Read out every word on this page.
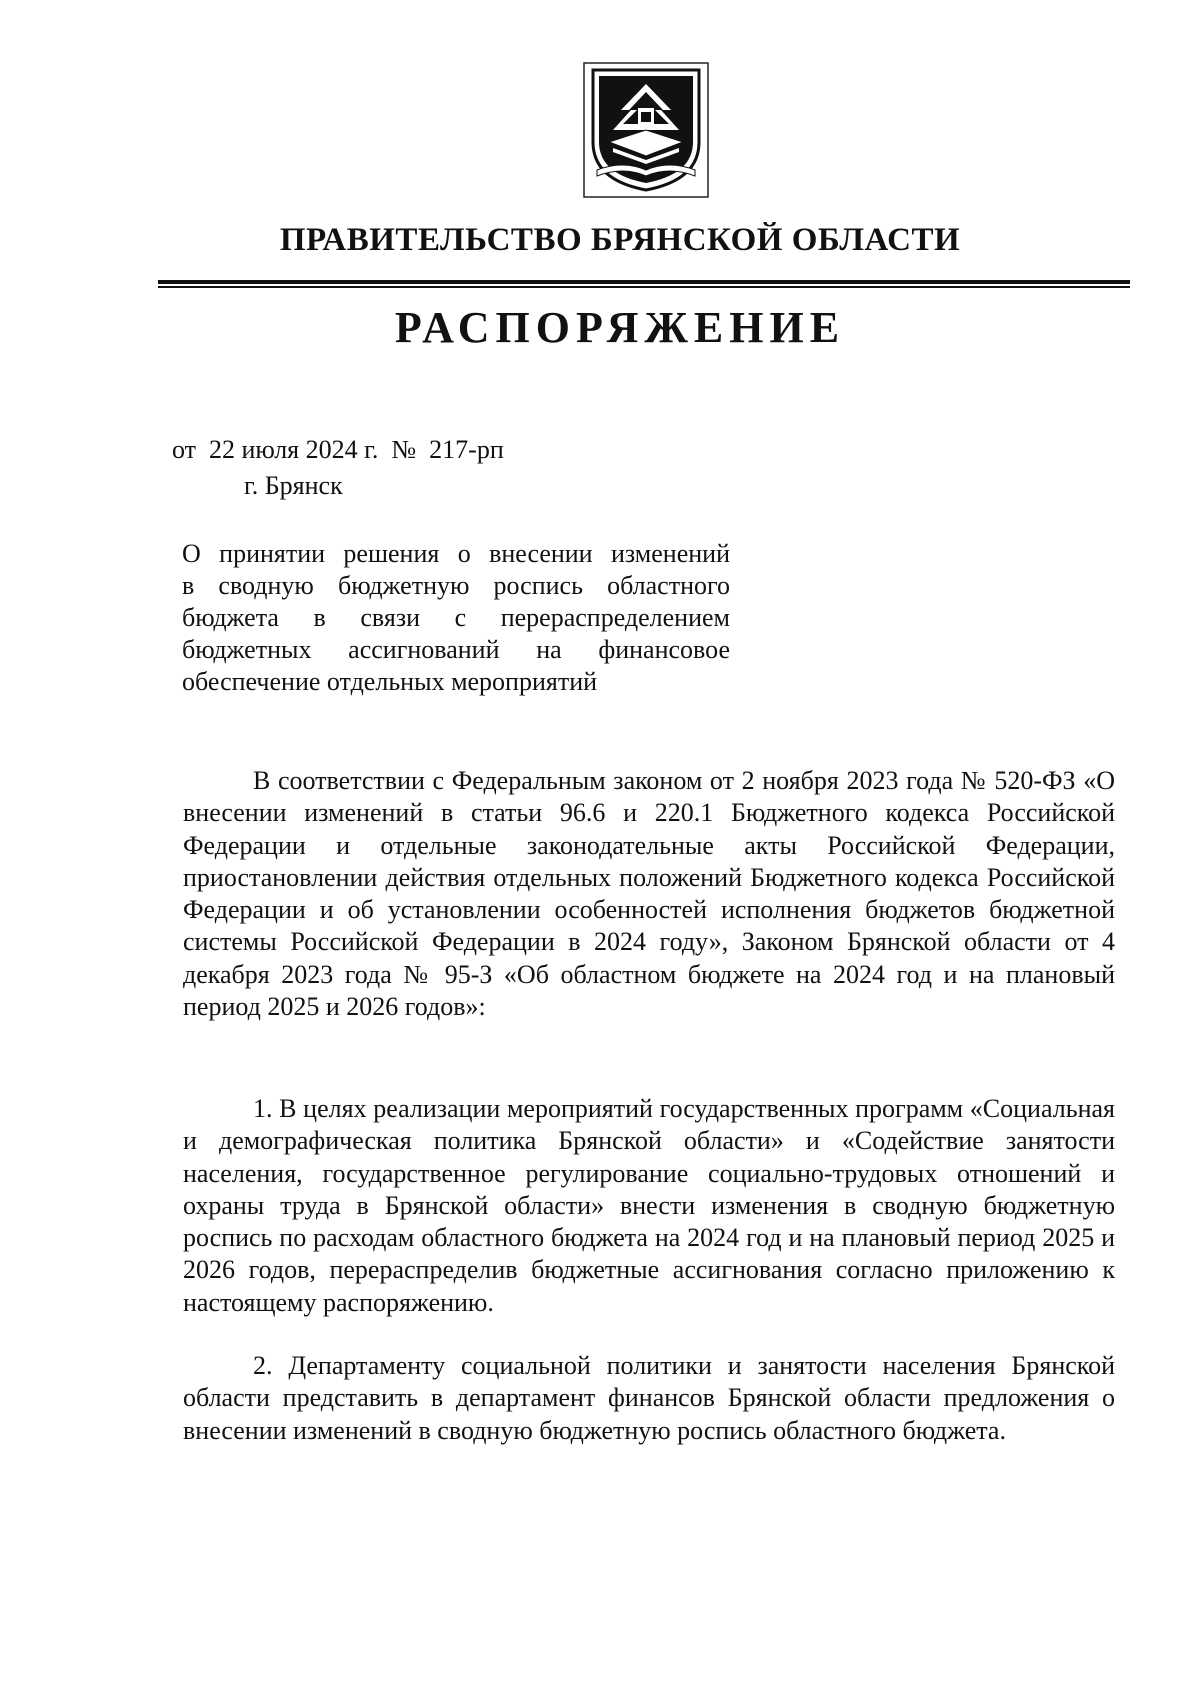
ПРАВИТЕЛЬСТВО БРЯНСКОЙ ОБЛАСТИ
РАСПОРЯЖЕНИЕ
от  22 июля 2024 г.  №  217-рп
г. Брянск
О принятии решения о внесении изменений
в сводную бюджетную роспись областного
бюджета в связи с перераспределением
бюджетных ассигнований на финансовое
обеспечение отдельных мероприятий

В соответствии с Федеральным законом от 2 ноября 2023 года № 520-ФЗ «О внесении изменений в статьи 96.6 и 220.1 Бюджетного кодекса Российской Федерации и отдельные законодательные акты Российской Федерации, приостановлении действия отдельных положений Бюджетного кодекса Российской Федерации и об установлении особенностей исполнения бюджетов бюджетной системы Российской Федерации в 2024 году», Законом Брянской области от 4 декабря 2023 года № 95-З «Об областном бюджете на 2024 год и на плановый период 2025 и 2026 годов»:

1. В целях реализации мероприятий государственных программ «Социальная и демографическая политика Брянской области» и «Содействие занятости населения, государственное регулирование социально-трудовых отношений и охраны труда в Брянской области» внести изменения в сводную бюджетную роспись по расходам областного бюджета на 2024 год и на плановый период 2025 и 2026 годов, перераспределив бюджетные ассигнования согласно приложению к настоящему распоряжению.

2. Департаменту социальной политики и занятости населения Брянской области представить в департамент финансов Брянской области предложения о внесении изменений в сводную бюджетную роспись областного бюджета.
